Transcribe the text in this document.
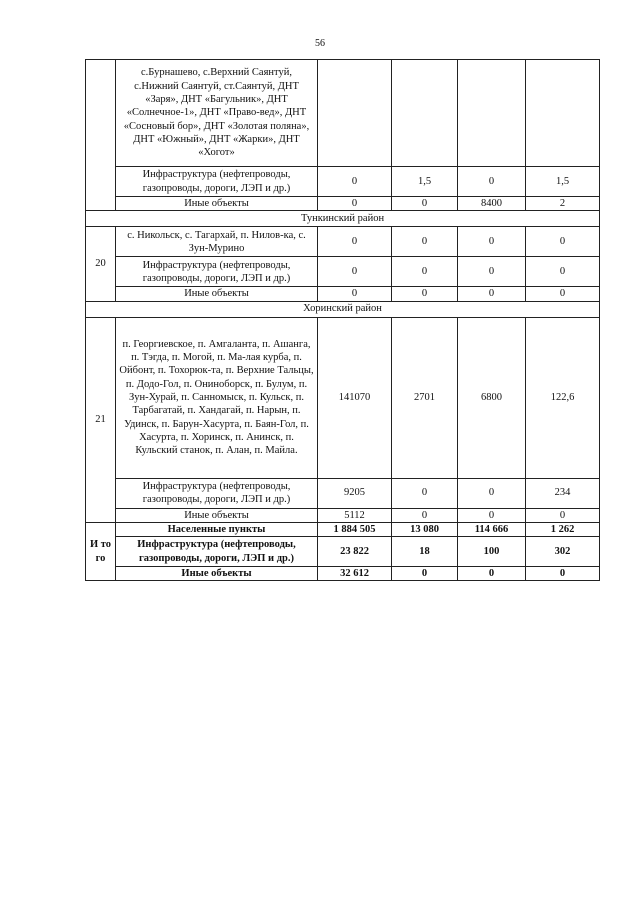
56
	с.Бурнашево, с.Верхний Саянтуй, с.Нижний Саянтуй, ст.Саянтуй, ДНТ «Заря», ДНТ «Багульник», ДНТ «Солнечное-1», ДНТ «Право-вед», ДНТ «Сосновый бор», ДНТ «Золотая поляна», ДНТ «Южный», ДНТ «Жарки», ДНТ «Хогот»				
	Инфраструктура (нефтепроводы, газопроводы, дороги, ЛЭП и др.)	0	1,5	0	1,5
	Иные объекты	0	0	8400	2
Тункинский район					
20	с. Никольск, с. Тагархай, п. Нилов-ка, с. Зун-Мурино	0	0	0	0
	Инфраструктура (нефтепроводы, газопроводы, дороги, ЛЭП и др.)	0	0	0	0
	Иные объекты	0	0	0	0
Хоринский район					
21	п. Георгиевское, п. Амгаланта, п. Ашанга, п. Тэгда, п. Могой, п. Ма-лая курба, п. Ойбонт, п. Тохорюк-та, п. Верхние Тальцы, п. Додо-Гол, п. Онинoборск, п. Булум, п. Зун-Хурай, п. Санномыск, п. Кульск, п. Тарбагатай, п. Хандагай, п. Нарын, п. Удинск, п. Барун-Хасурта, п. Баян-Гол, п. Хасурта, п. Хоринск, п. Анинск, п. Кульский станок, п. Алан, п. Майла.	141070	2701	6800	122,6
	Инфраструктура (нефтепроводы, газопроводы, дороги, ЛЭП и др.)	9205	0	0	234
	Иные объекты	5112	0	0	0
И то го	Населенные пункты	1 884 505	13 080	114 666	1 262
	Инфраструктура (нефтепроводы, газопроводы, дороги, ЛЭП и др.)	23 822	18	100	302
	Иные объекты	32 612	0	0	0
